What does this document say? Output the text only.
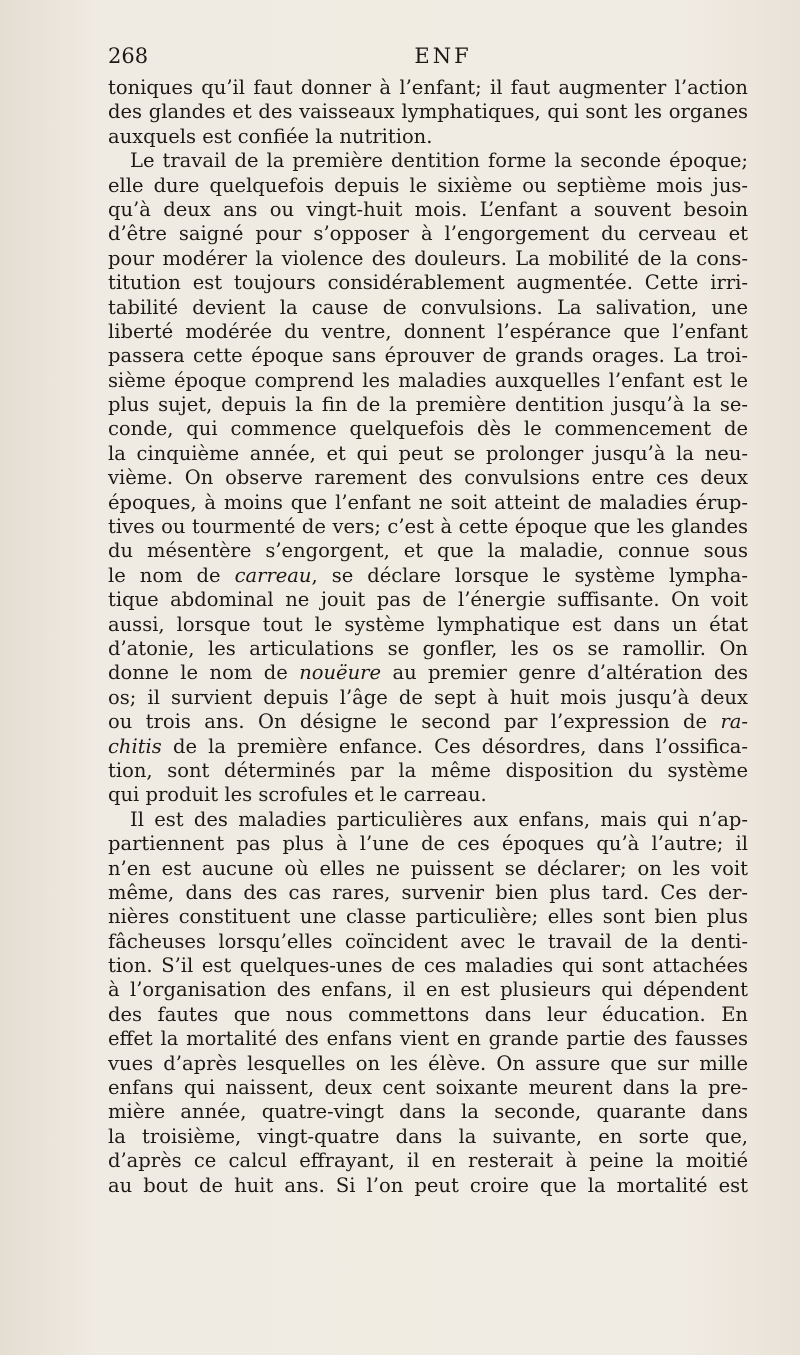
268	ENF
toniques qu’il faut donner à l’enfant; il faut augmenter l’action
des glandes et des vaisseaux lymphatiques, qui sont les organes
auxquels est confiée la nutrition.
Le travail de la première dentition forme la seconde époque;
elle dure quelquefois depuis le sixième ou septième mois jus-
qu’à deux ans ou vingt-huit mois. L’enfant a souvent besoin
d’être saigné pour s’opposer à l’engorgement du cerveau et
pour modérer la violence des douleurs. La mobilité de la cons-
titution est toujours considérablement augmentée. Cette irri-
tabilité devient la cause de convulsions. La salivation, une
liberté modérée du ventre, donnent l’espérance que l’enfant
passera cette époque sans éprouver de grands orages. La troi-
sième époque comprend les maladies auxquelles l’enfant est le
plus sujet, depuis la fin de la première dentition jusqu’à la se-
conde, qui commence quelquefois dès le commencement de
la cinquième année, et qui peut se prolonger jusqu’à la neu-
vième. On observe rarement des convulsions entre ces deux
époques, à moins que l’enfant ne soit atteint de maladies érup-
tives ou tourmenté de vers; c’est à cette époque que les glandes
du mésentère s’engorgent, et que la maladie, connue sous
le nom de carreau, se déclare lorsque le système lympha-
tique abdominal ne jouit pas de l’énergie suffisante. On voit
aussi, lorsque tout le système lymphatique est dans un état
d’atonie, les articulations se gonfler, les os se ramollir. On
donne le nom de nouëure au premier genre d’altération des
os; il survient depuis l’âge de sept à huit mois jusqu’à deux
ou trois ans. On désigne le second par l’expression de ra-
chitis de la première enfance. Ces désordres, dans l’ossifica-
tion, sont déterminés par la même disposition du système
qui produit les scrofules et le carreau.
Il est des maladies particulières aux enfans, mais qui n’ap-
partiennent pas plus à l’une de ces époques qu’à l’autre; il
n’en est aucune où elles ne puissent se déclarer; on les voit
même, dans des cas rares, survenir bien plus tard. Ces der-
nières constituent une classe particulière; elles sont bien plus
fâcheuses lorsqu’elles coïncident avec le travail de la denti-
tion. S’il est quelques-unes de ces maladies qui sont attachées
à l’organisation des enfans, il en est plusieurs qui dépendent
des fautes que nous commettons dans leur éducation. En
effet la mortalité des enfans vient en grande partie des fausses
vues d’après lesquelles on les élève. On assure que sur mille
enfans qui naissent, deux cent soixante meurent dans la pre-
mière année, quatre-vingt dans la seconde, quarante dans
la troisième, vingt-quatre dans la suivante, en sorte que,
d’après ce calcul effrayant, il en resterait à peine la moitié
au bout de huit ans. Si l’on peut croire que la mortalité est
